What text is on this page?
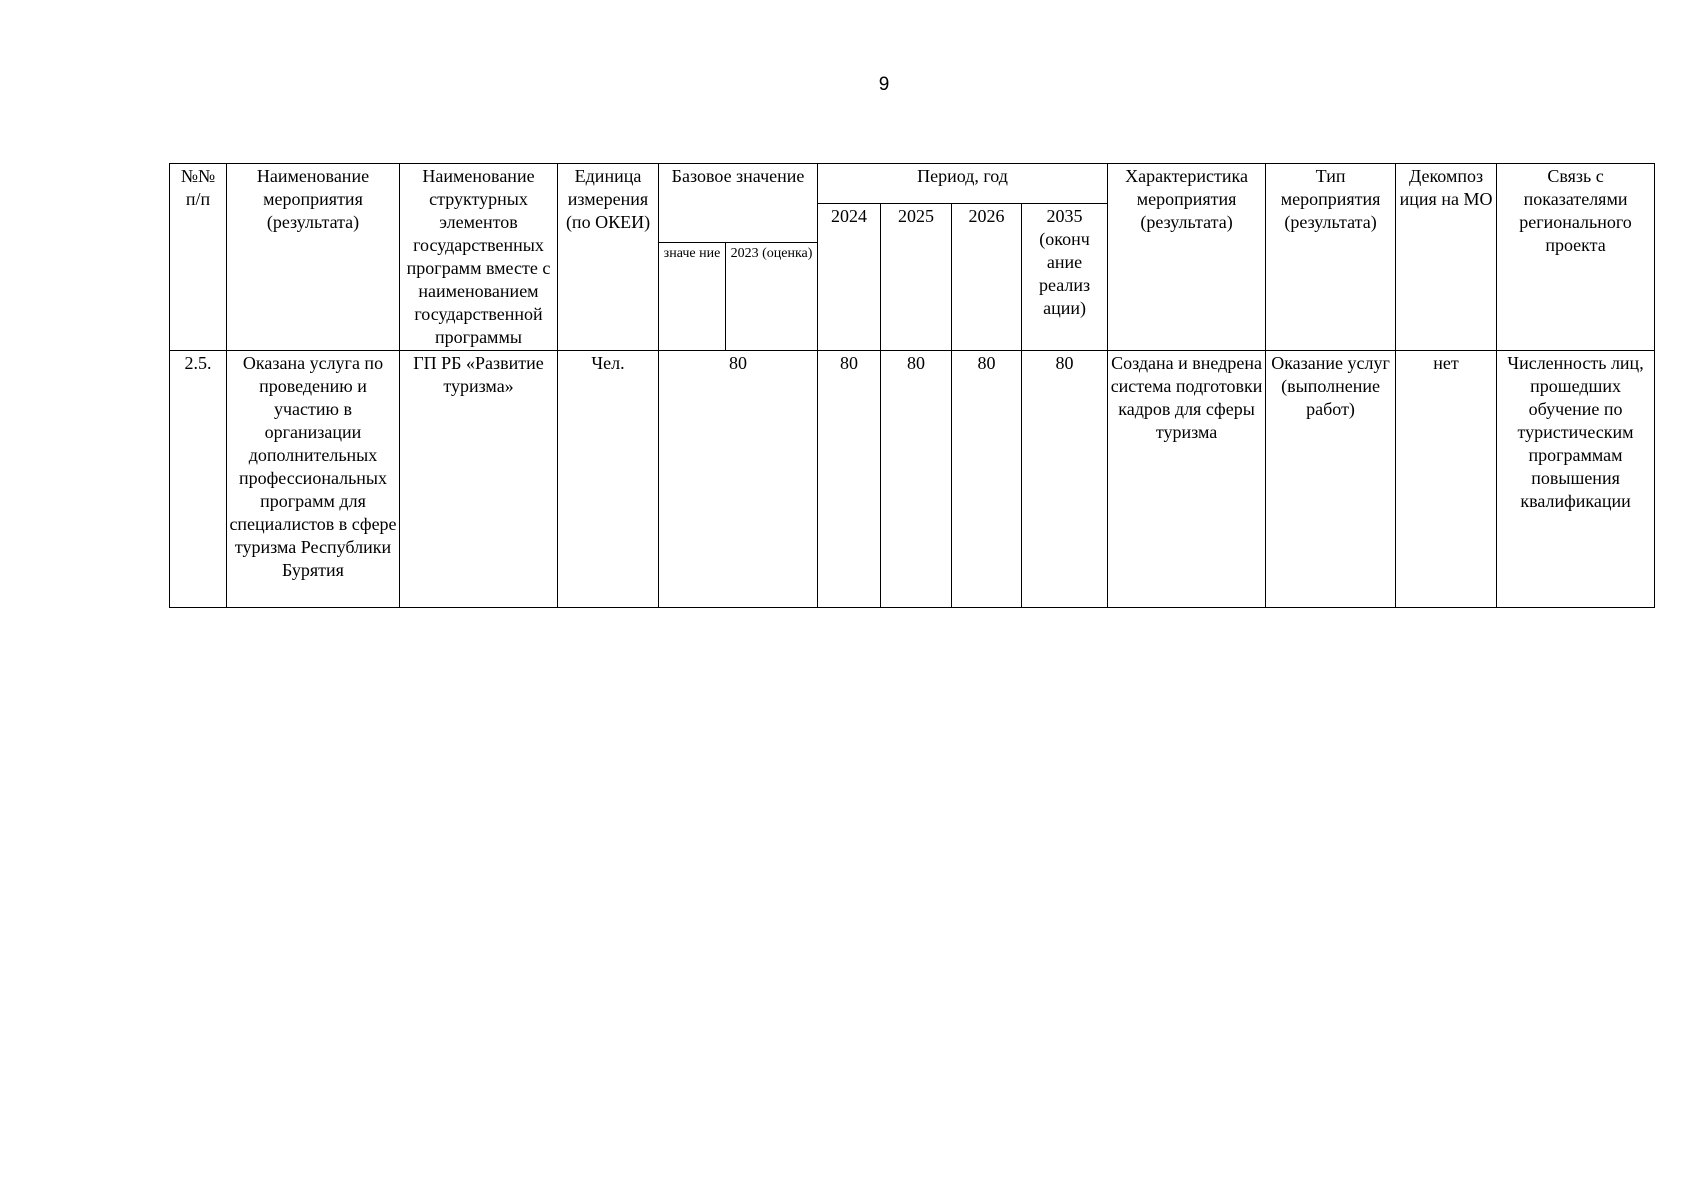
9
№№ п/п	Наименование мероприятия (результата)	Наименование структурных элементов государственных программ вместе с наименованием государственной программы	Единица измерения (по ОКЕИ)	Базовое значение		Период, год				Характеристика мероприятия (результата)	Тип мероприятия (результата)	Декомпоз иция на МО	Связь с показателями регионального проекта
						2024	2025	2026	2035 (оконч ание реализ ации)				
				значе ние	2023 (оценка)								
2.5.	Оказана услуга по проведению и участию в организации дополнительных профессиональных программ для специалистов в сфере туризма Республики Бурятия	ГП РБ «Развитие туризма»	Чел.	80		80	80	80	80	Создана и внедрена система подготовки кадров для сферы туризма	Оказание услуг (выполнение работ)	нет	Численность лиц, прошедших обучение по туристическим программам повышения квалификации
